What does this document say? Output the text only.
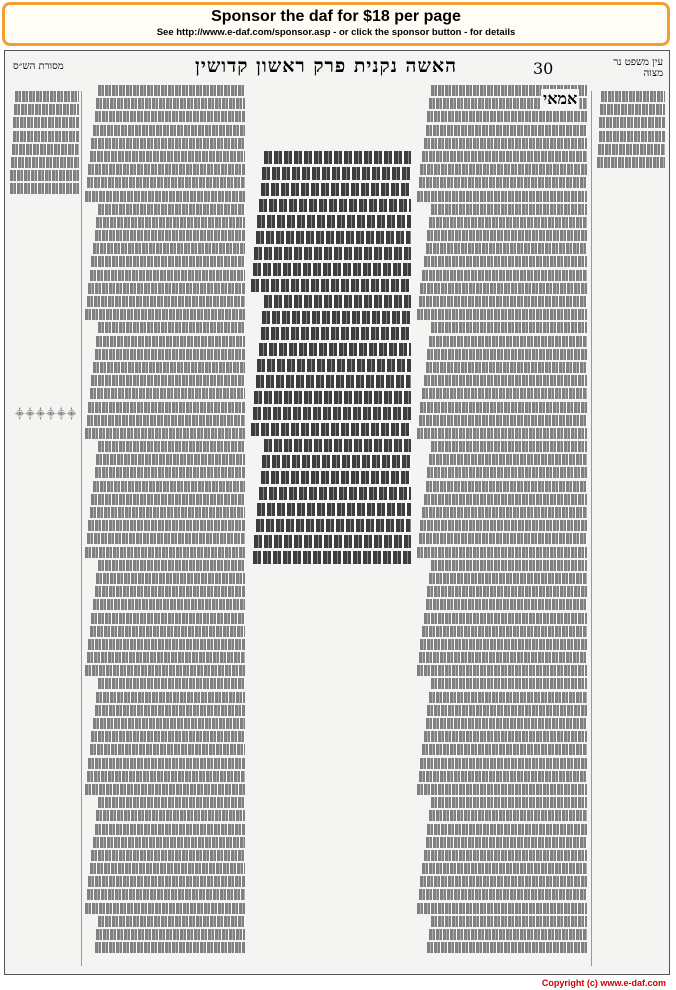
Sponsor the daf for $18 per page
See http://www.e-daf.com/sponsor.asp - or click the sponsor button - for details
מסורת הש״ס	האשה נקנית פרק ראשון קדושין	30	עין משפט נר מצוה
⸎⸎⸎⸎⸎⸎
אמאי
Copyright (c) www.e-daf.com
